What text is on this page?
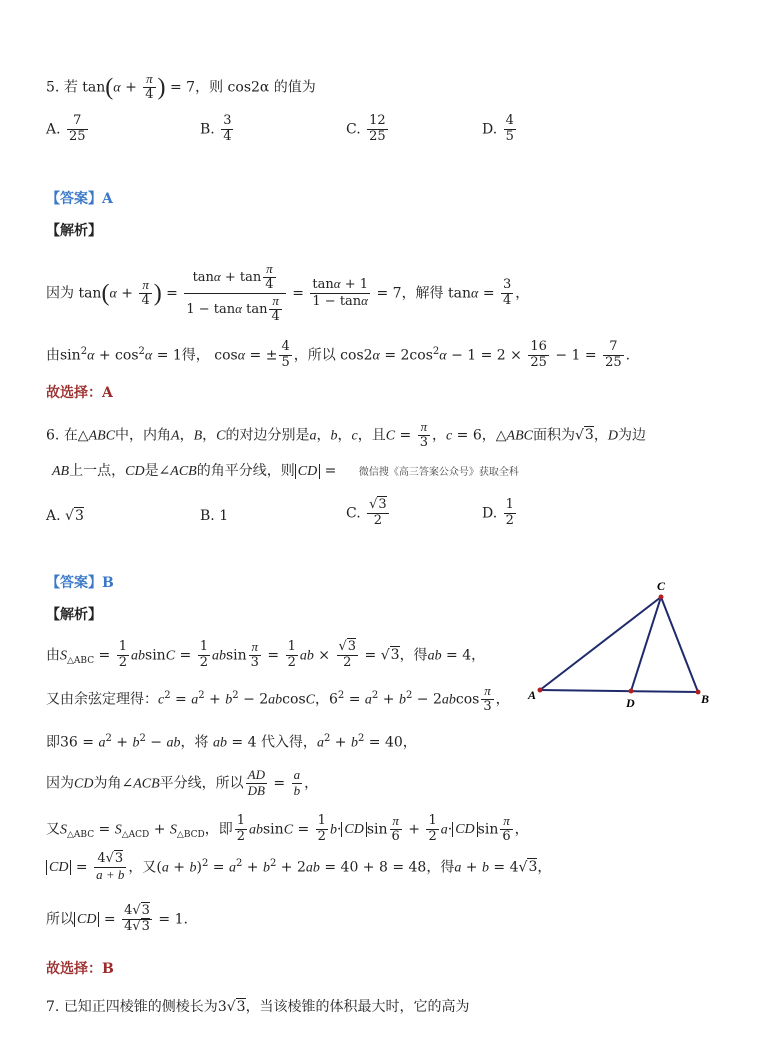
5. 若 $\tan(\alpha + \frac{\pi}{4}$ ) = 7，则 cos2α 的值为
A. $\frac{7}{25}$	B. $\frac{3}{4}$	C. $\frac{12}{25}$	D. $\frac{4}{5}$
【答案】A
【解析】
因为 $\tan(\alpha + \frac{\pi}{4}$ ) = $\frac{\tan\alpha + \tan \frac{\pi}{4}}{1 - \tan\alpha \tan \frac{\pi}{4}} = \frac{\tan\alpha + 1}{1 - \tan\alpha} = 7$，解得 $\tan\alpha = \frac{3}{4}$ ，
由$\sin^2\alpha + \cos^2\alpha = 1$得， cosα = ± $\frac{4}{5}$ ，所以 $\cos 2\alpha = 2\cos^2\alpha - 1 = 2 \times \frac{16}{25} - 1 = \frac{7}{25}$ .
故选择：A
6. 在△ABC中，内角A，B，C的对边分别是a，b，c，且$C = \frac{\pi}{3}$ ，c = 6，△ABC面积为√3，D为边
AB上一点，CD是∠ACB的角平分线，则 CD = 微信搜《高三答案公众号》获取全科
A. √3	B. 1	C. $\frac{√3}{2}$	D. $\frac{1}{2}$
【答案】B
【解析】
由$S_{\triangle ABC} = \frac{1}{2}$ $absinC = \frac{1}{2}$ absin $\frac{\pi}{3} = \frac{1}{2}$ ab × $\frac{√3}{2} = √3$，得ab = 4，
又由余弦定理得：$c^2 = a^2 + b^2 - 2abcosC$，$6^2 = a^2 + b^2 - 2abcos \frac{\pi}{3}$ ，
即$36 = a^2 + b^2$ − ab，将 ab = 4 代入得，$a^2 + b^2 = 40$，
因为CD为角∠ACB平分线，所以 $\frac{AD}{DB} = \frac{a}{b}$ ，
又$S_{\triangle ABC} = S_{\triangle ACD} + S_{\triangle BCD}$，即 $\frac{1}{2}$ $absinC = \frac{1}{2} b\cdot$ CD $\sin \frac{\pi}{6} + \frac{1}{2} a\cdot$ CD $\sin \frac{\pi}{6}$ ，
CD = $\frac{4√3}{a + b}$ ，又$(a + b)^2 = a^2 + b^2 + 2ab = 40 + 8 = 48$，得a + b = 4√3，
所以 CD = $\frac{4√3}{4√3} = 1$.
故选择：B
A	B
C
D
7. 已知正四棱锥的侧棱长为3√3，当该棱锥的体积最大时，它的高为
